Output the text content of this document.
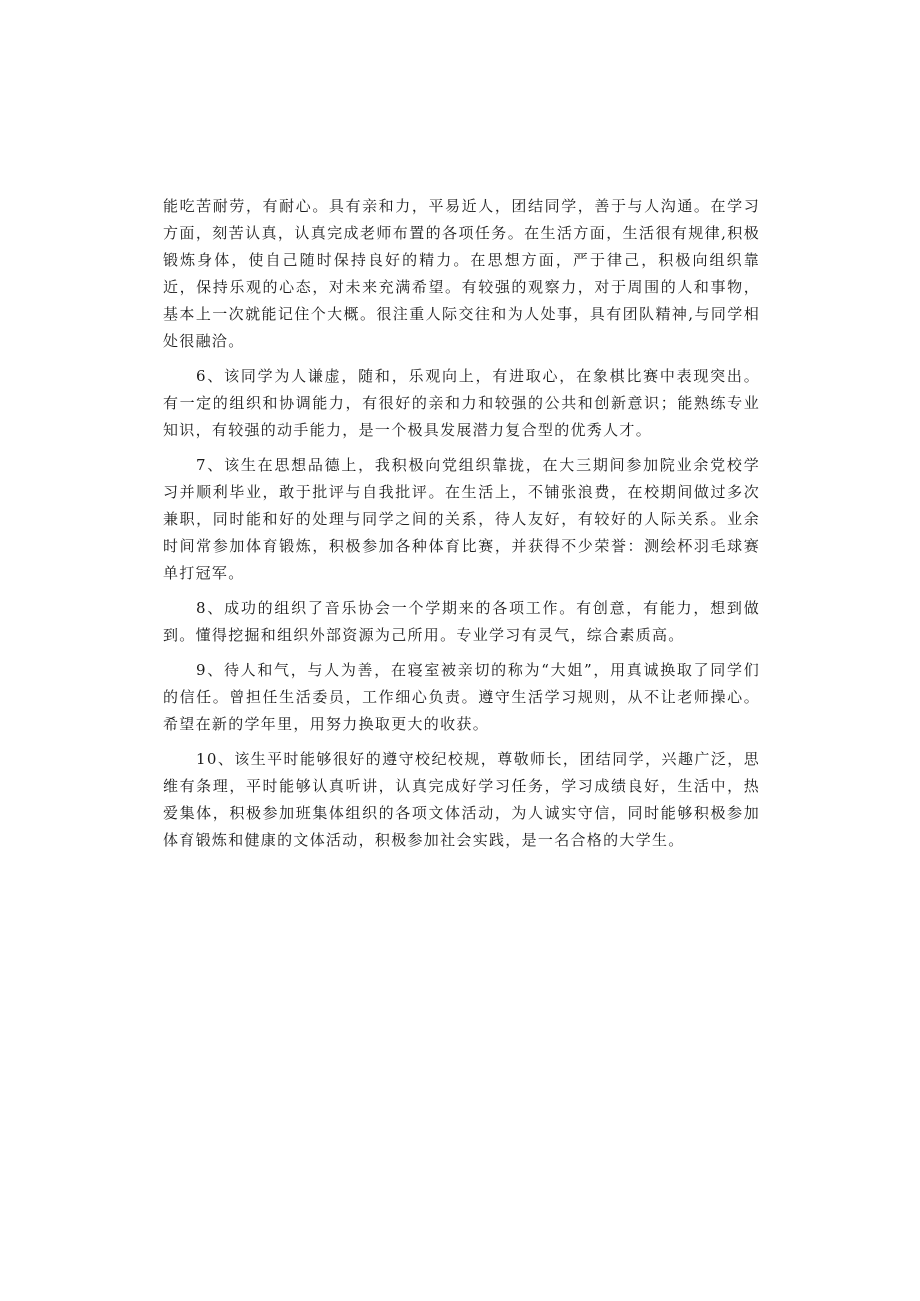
能吃苦耐劳，有耐心。具有亲和力，平易近人，团结同学，善于与人沟通。在学习方面，刻苦认真，认真完成老师布置的各项任务。在生活方面，生活很有规律,积极锻炼身体，使自己随时保持良好的精力。在思想方面，严于律己，积极向组织靠近，保持乐观的心态，对未来充满希望。有较强的观察力，对于周围的人和事物，基本上一次就能记住个大概。很注重人际交往和为人处事，具有团队精神,与同学相处很融洽。

6、该同学为人谦虚，随和，乐观向上，有进取心，在象棋比赛中表现突出。有一定的组织和协调能力，有很好的亲和力和较强的公共和创新意识；能熟练专业知识，有较强的动手能力，是一个极具发展潜力复合型的优秀人才。

7、该生在思想品德上，我积极向党组织靠拢，在大三期间参加院业余党校学习并顺利毕业，敢于批评与自我批评。在生活上，不铺张浪费，在校期间做过多次兼职，同时能和好的处理与同学之间的关系，待人友好，有较好的人际关系。业余时间常参加体育锻炼，积极参加各种体育比赛，并获得不少荣誉：测绘杯羽毛球赛单打冠军。

8、成功的组织了音乐协会一个学期来的各项工作。有创意，有能力，想到做到。懂得挖掘和组织外部资源为己所用。专业学习有灵气，综合素质高。

9、待人和气，与人为善，在寝室被亲切的称为“大姐”，用真诚换取了同学们的信任。曾担任生活委员，工作细心负责。遵守生活学习规则，从不让老师操心。希望在新的学年里，用努力换取更大的收获。

10、该生平时能够很好的遵守校纪校规，尊敬师长，团结同学，兴趣广泛，思维有条理，平时能够认真听讲，认真完成好学习任务，学习成绩良好，生活中，热爱集体，积极参加班集体组织的各项文体活动，为人诚实守信，同时能够积极参加体育锻炼和健康的文体活动，积极参加社会实践，是一名合格的大学生。
